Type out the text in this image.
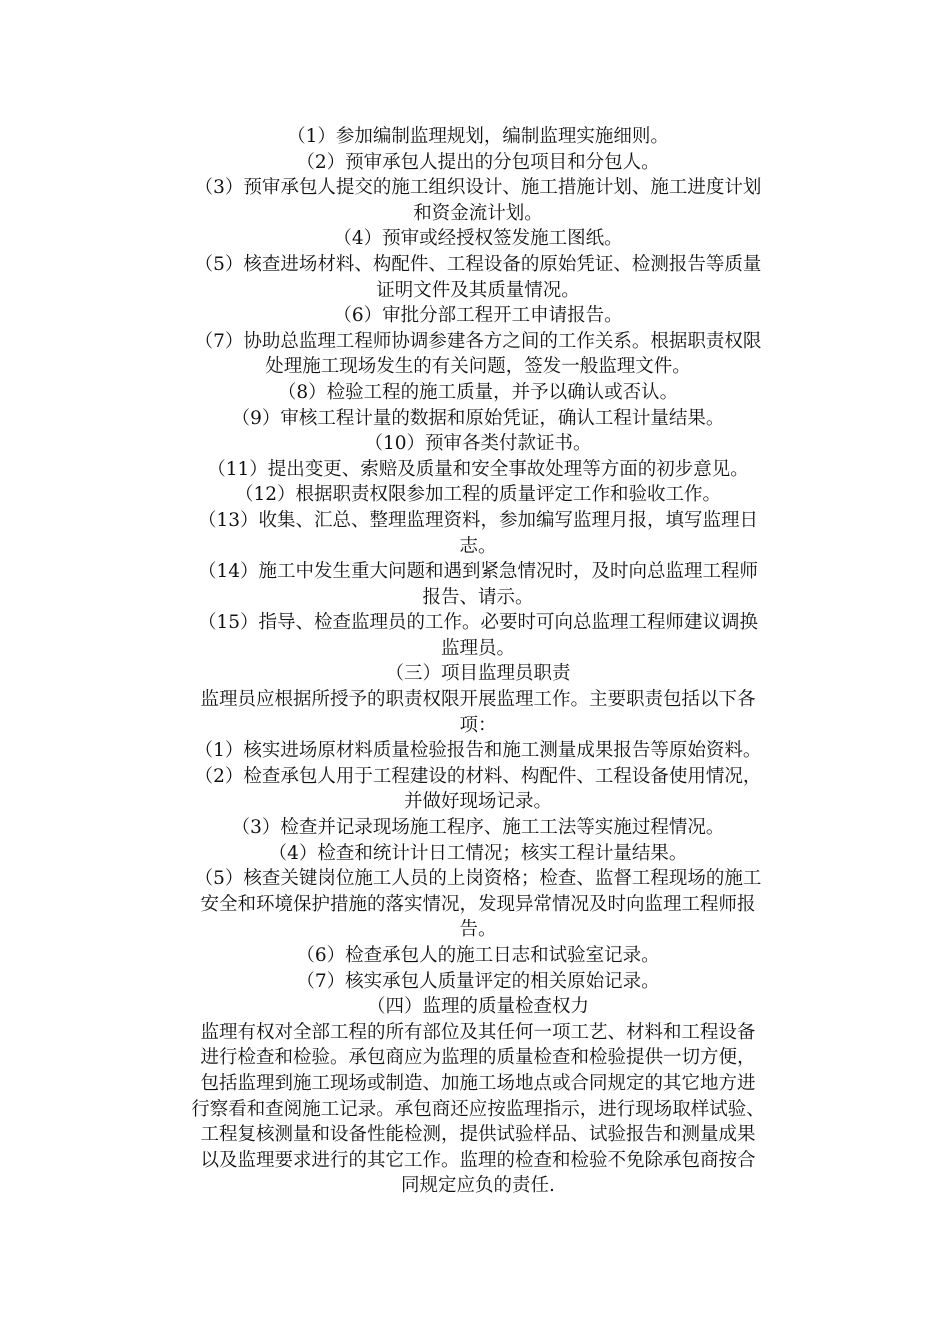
（1）参加编制监理规划，编制监理实施细则。
（2）预审承包人提出的分包项目和分包人。
（3）预审承包人提交的施工组织设计、施工措施计划、施工进度计划
和资金流计划。
（4）预审或经授权签发施工图纸。
（5）核查进场材料、构配件、工程设备的原始凭证、检测报告等质量
证明文件及其质量情况。
（6）审批分部工程开工申请报告。
（7）协助总监理工程师协调参建各方之间的工作关系。根据职责权限
处理施工现场发生的有关问题，签发一般监理文件。
（8）检验工程的施工质量，并予以确认或否认。
（9）审核工程计量的数据和原始凭证，确认工程计量结果。
（10）预审各类付款证书。
（11）提出变更、索赔及质量和安全事故处理等方面的初步意见。
（12）根据职责权限参加工程的质量评定工作和验收工作。
（13）收集、汇总、整理监理资料，参加编写监理月报，填写监理日
志。
（14）施工中发生重大问题和遇到紧急情况时，及时向总监理工程师
报告、请示。
（15）指导、检查监理员的工作。必要时可向总监理工程师建议调换
监理员。
（三）项目监理员职责
监理员应根据所授予的职责权限开展监理工作。主要职责包括以下各
项：
（1）核实进场原材料质量检验报告和施工测量成果报告等原始资料。
（2）检查承包人用于工程建设的材料、构配件、工程设备使用情况，
并做好现场记录。
（3）检查并记录现场施工程序、施工工法等实施过程情况。
（4）检查和统计计日工情况；核实工程计量结果。
（5）核查关键岗位施工人员的上岗资格；检查、监督工程现场的施工
安全和环境保护措施的落实情况，发现异常情况及时向监理工程师报
告。
（6）检查承包人的施工日志和试验室记录。
（7）核实承包人质量评定的相关原始记录。
（四）监理的质量检查权力
监理有权对全部工程的所有部位及其任何一项工艺、材料和工程设备
进行检查和检验。承包商应为监理的质量检查和检验提供一切方便，
包括监理到施工现场或制造、加施工场地点或合同规定的其它地方进
行察看和查阅施工记录。承包商还应按监理指示，进行现场取样试验、
工程复核测量和设备性能检测，提供试验样品、试验报告和测量成果
以及监理要求进行的其它工作。监理的检查和检验不免除承包商按合
同规定应负的责任.
